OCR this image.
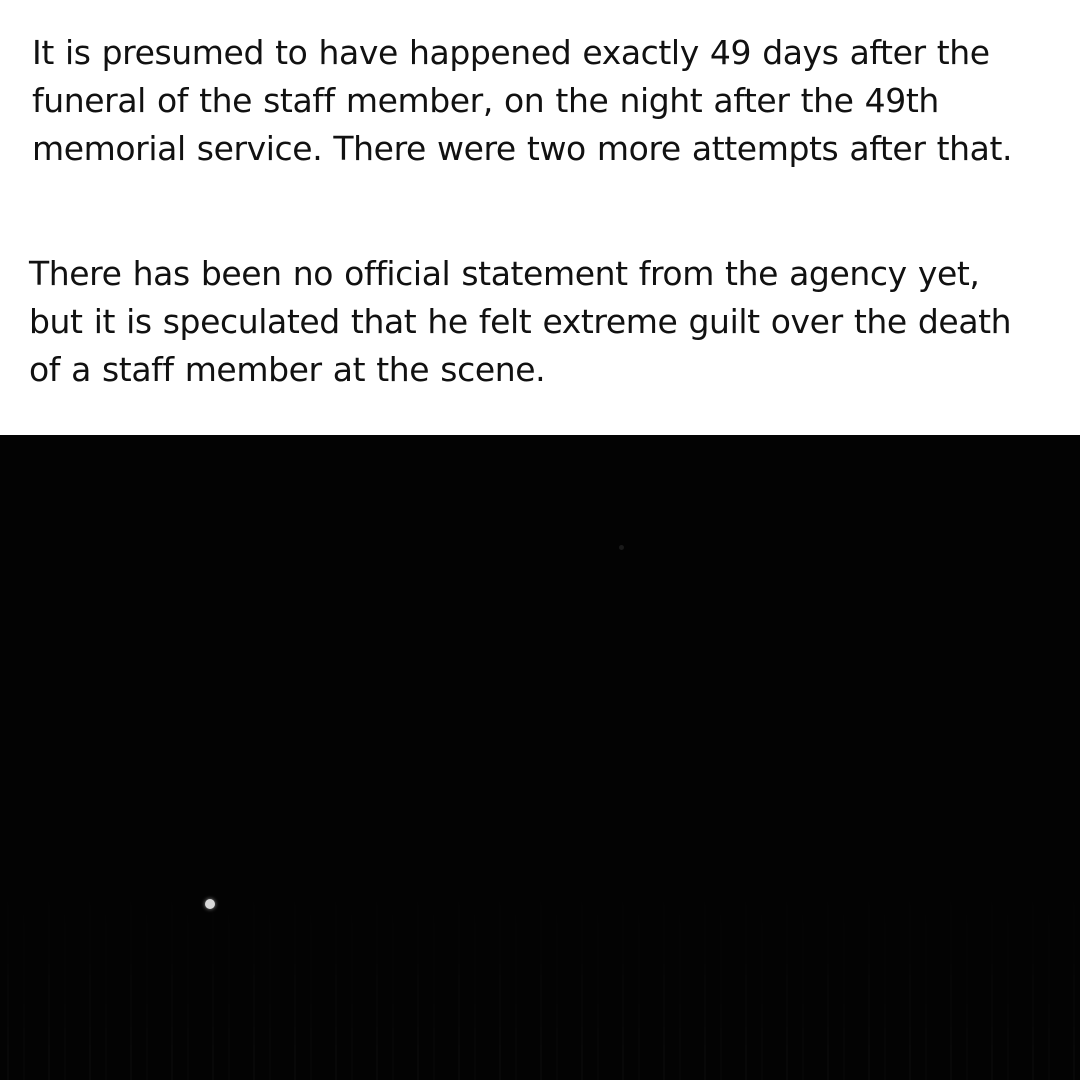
It is presumed to have happened exactly 49 days after the funeral of the staff member, on the night after the 49th memorial service. There were two more attempts after that.

There has been no official statement from the agency yet, but it is speculated that he felt extreme guilt over the death of a staff member at the scene.
